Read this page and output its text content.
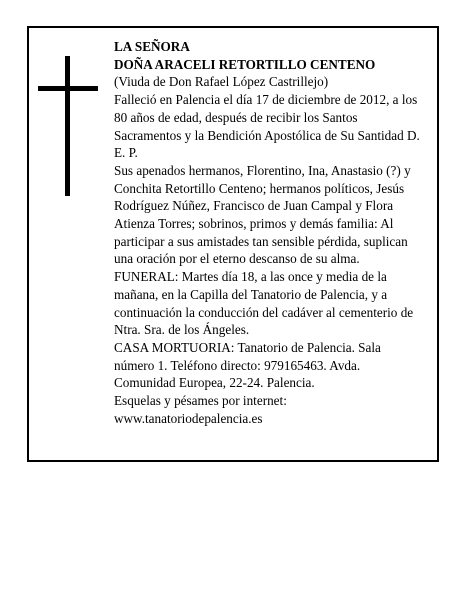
LA SEÑORA

DOÑA ARACELI RETORTILLO CENTENO

(Viuda de Don Rafael López Castrillejo)

Falleció en Palencia el día 17 de diciembre de 2012, a los 80 años de edad, después de recibir los Santos Sacramentos y la Bendición Apostólica de Su Santidad D. E. P.

Sus apenados hermanos, Florentino, Ina, Anastasio (?) y Conchita Retortillo Centeno; hermanos políticos, Jesús Rodríguez Núñez, Francisco de Juan Campal y Flora Atienza Torres; sobrinos, primos y demás familia: Al participar a sus amistades tan sensible pérdida, suplican una oración por el eterno descanso de su alma.

FUNERAL: Martes día 18, a las once y media de la mañana, en la Capilla del Tanatorio de Palencia, y a continuación la conducción del cadáver al cementerio de Ntra. Sra. de los Ángeles.

CASA MORTUORIA: Tanatorio de Palencia. Sala número 1. Teléfono directo: 979165463. Avda. Comunidad Europea, 22-24. Palencia.

Esquelas y pésames por internet:

www.tanatoriodepalencia.es
